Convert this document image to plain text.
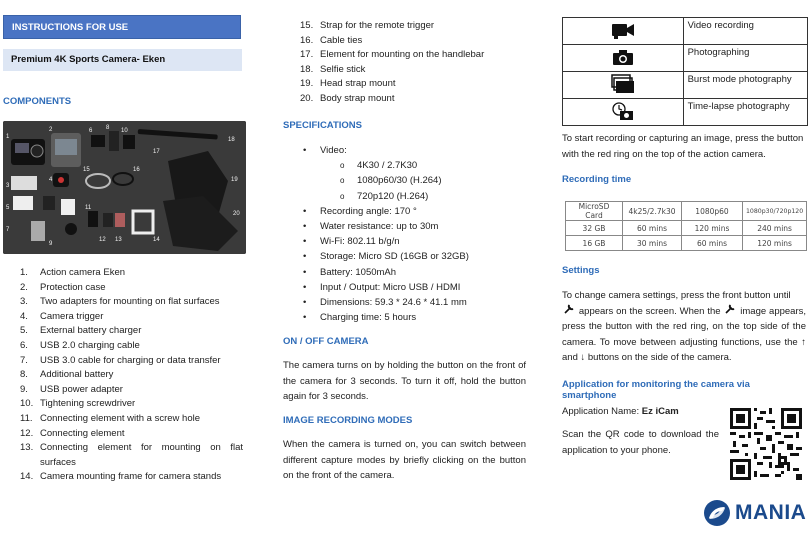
INSTRUCTIONS FOR USE
Premium 4K Sports Camera- Eken
COMPONENTS
1
2
3
4
5
6
7
8
9
10
11
12 13	14
15	16
17
18
19
20
1. Action camera Eken
2. Protection case
3. Two adapters for mounting on flat surfaces
4. Camera trigger
5. External battery charger
6. USB 2.0 charging cable
7. USB 3.0 cable for charging or data transfer
8. Additional battery
9. USB power adapter
10. Tightening screwdriver
11. Connecting element with a screw hole
12. Connecting element
13. Connecting element for mounting on flat surfaces
14. Camera mounting frame for camera stands
15. Strap for the remote trigger
16. Cable ties
17. Element for mounting on the handlebar
18. Selfie stick
19. Head strap mount
20. Body strap mount
SPECIFICATIONS
• Video:
o 4K30 / 2.7K30
o 1080p60/30 (H.264)
o 720p120 (H.264)
• Recording angle: 170 °
• Water resistance: up to 30m
• Wi-Fi: 802.11 b/g/n
• Storage: Micro SD (16GB or 32GB)
• Battery: 1050mAh
• Input / Output: Micro USB / HDMI
• Dimensions: 59.3 * 24.6 * 41.1 mm
• Charging time: 5 hours
ON / OFF CAMERA
The camera turns on by holding the button on the front of the camera for 3 seconds. To turn it off, hold the button again for 3 seconds.
IMAGE RECORDING MODES
When the camera is turned on, you can switch between different capture modes by briefly clicking on the button on the front of the camera.
	Video recording
	Photographing
	Burst mode photography
	Time-lapse photography
To start recording or capturing an image, press the button with the red ring on the top of the action camera.
Recording time
MicroSD Card	4k25/2.7k30	1080p60	1080p30/720p120
32 GB	60 mins	120 mins	240 mins
16 GB	30 mins	60 mins	120 mins
Settings
To change camera settings, press the front button until
appears on the screen. When the image appears, press the button with the red ring, on the top side of the camera. To move between adjusting functions, use the ↑ and ↓ buttons on the side of the camera.
Application for monitoring the camera via smartphone
Application Name: Ez iCam
Scan the QR code to download the application to your phone.
MANIA
